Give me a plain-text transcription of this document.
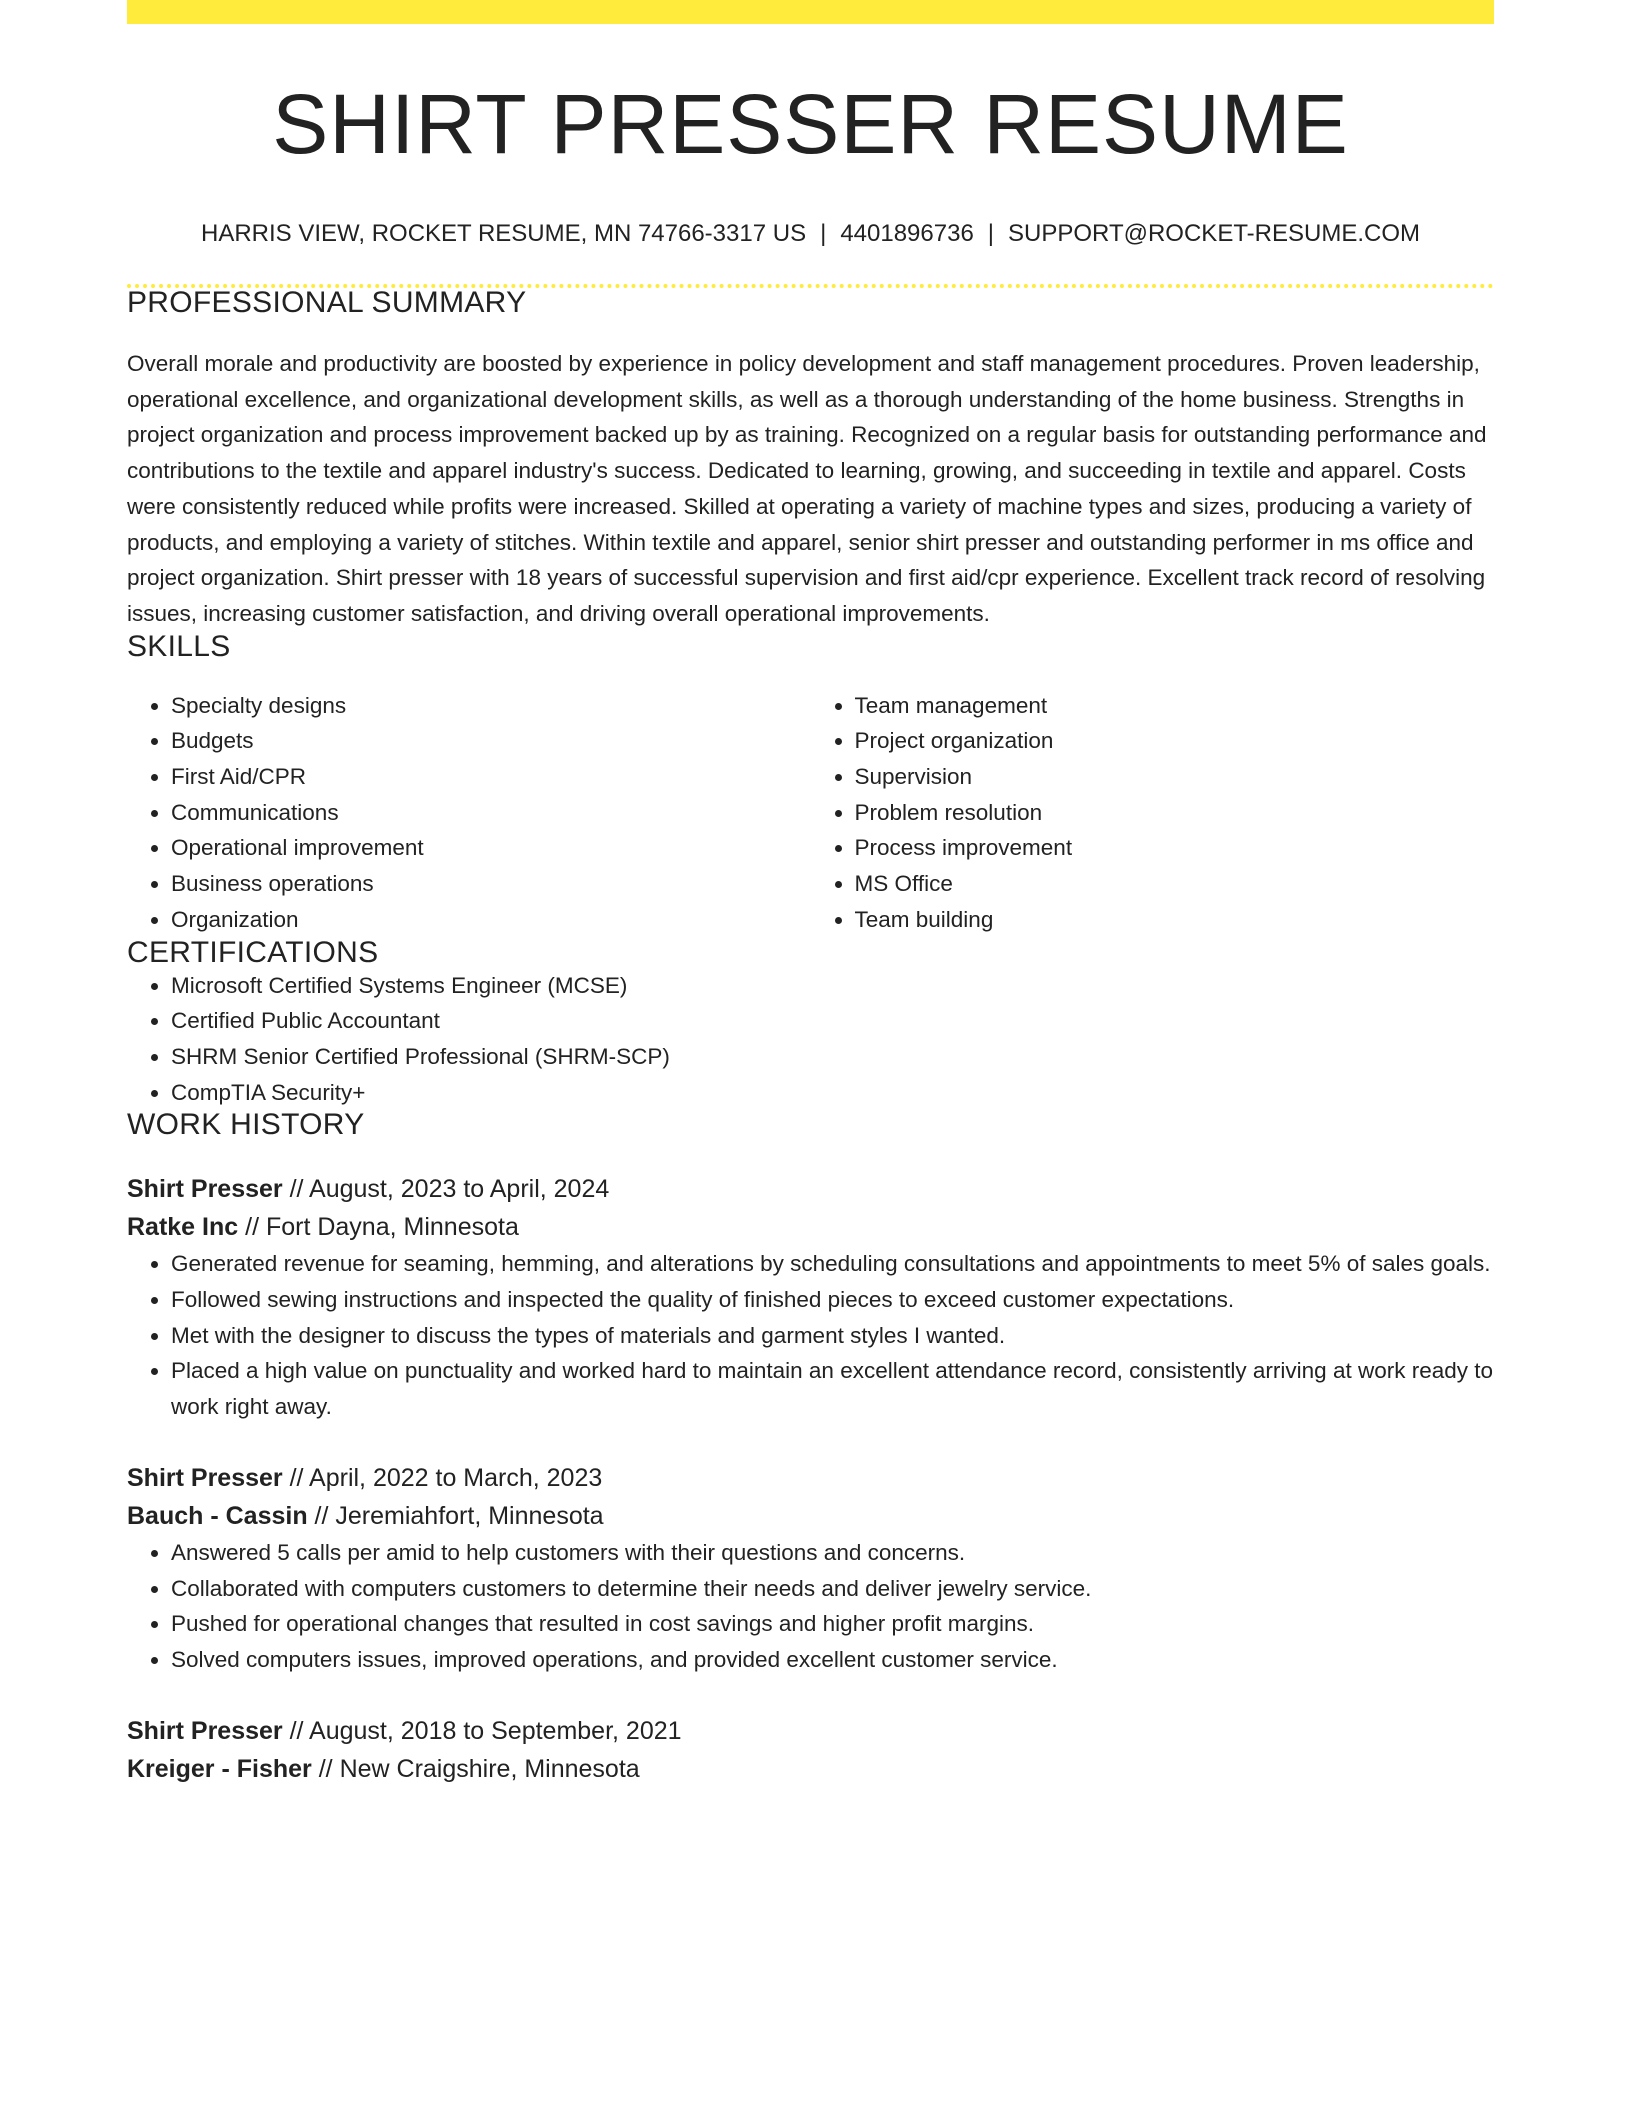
SHIRT PRESSER RESUME
HARRIS VIEW, ROCKET RESUME, MN 74766-3317 US | 4401896736 | SUPPORT@ROCKET-RESUME.COM
PROFESSIONAL SUMMARY

Overall morale and productivity are boosted by experience in policy development and staff management procedures. Proven leadership, operational excellence, and organizational development skills, as well as a thorough understanding of the home business. Strengths in project organization and process improvement backed up by as training. Recognized on a regular basis for outstanding performance and contributions to the textile and apparel industry's success. Dedicated to learning, growing, and succeeding in textile and apparel. Costs were consistently reduced while profits were increased. Skilled at operating a variety of machine types and sizes, producing a variety of products, and employing a variety of stitches. Within textile and apparel, senior shirt presser and outstanding performer in ms office and project organization. Shirt presser with 18 years of successful supervision and first aid/cpr experience. Excellent track record of resolving issues, increasing customer satisfaction, and driving overall operational improvements.

SKILLS
• Specialty designs
• Budgets
• First Aid/CPR
• Communications
• Operational improvement
• Business operations
• Organization
• Team management
• Project organization
• Supervision
• Problem resolution
• Process improvement
• MS Office
• Team building
CERTIFICATIONS
• Microsoft Certified Systems Engineer (MCSE)
• Certified Public Accountant
• SHRM Senior Certified Professional (SHRM-SCP)
• CompTIA Security+
WORK HISTORY
Shirt Presser // August, 2023 to April, 2024
Ratke Inc // Fort Dayna, Minnesota
• Generated revenue for seaming, hemming, and alterations by scheduling consultations and appointments to meet 5% of sales goals.
• Followed sewing instructions and inspected the quality of finished pieces to exceed customer expectations.
• Met with the designer to discuss the types of materials and garment styles I wanted.
• Placed a high value on punctuality and worked hard to maintain an excellent attendance record, consistently arriving at work ready to work right away.
Shirt Presser // April, 2022 to March, 2023
Bauch - Cassin // Jeremiahfort, Minnesota
• Answered 5 calls per amid to help customers with their questions and concerns.
• Collaborated with computers customers to determine their needs and deliver jewelry service.
• Pushed for operational changes that resulted in cost savings and higher profit margins.
• Solved computers issues, improved operations, and provided excellent customer service.
Shirt Presser // August, 2018 to September, 2021
Kreiger - Fisher // New Craigshire, Minnesota
